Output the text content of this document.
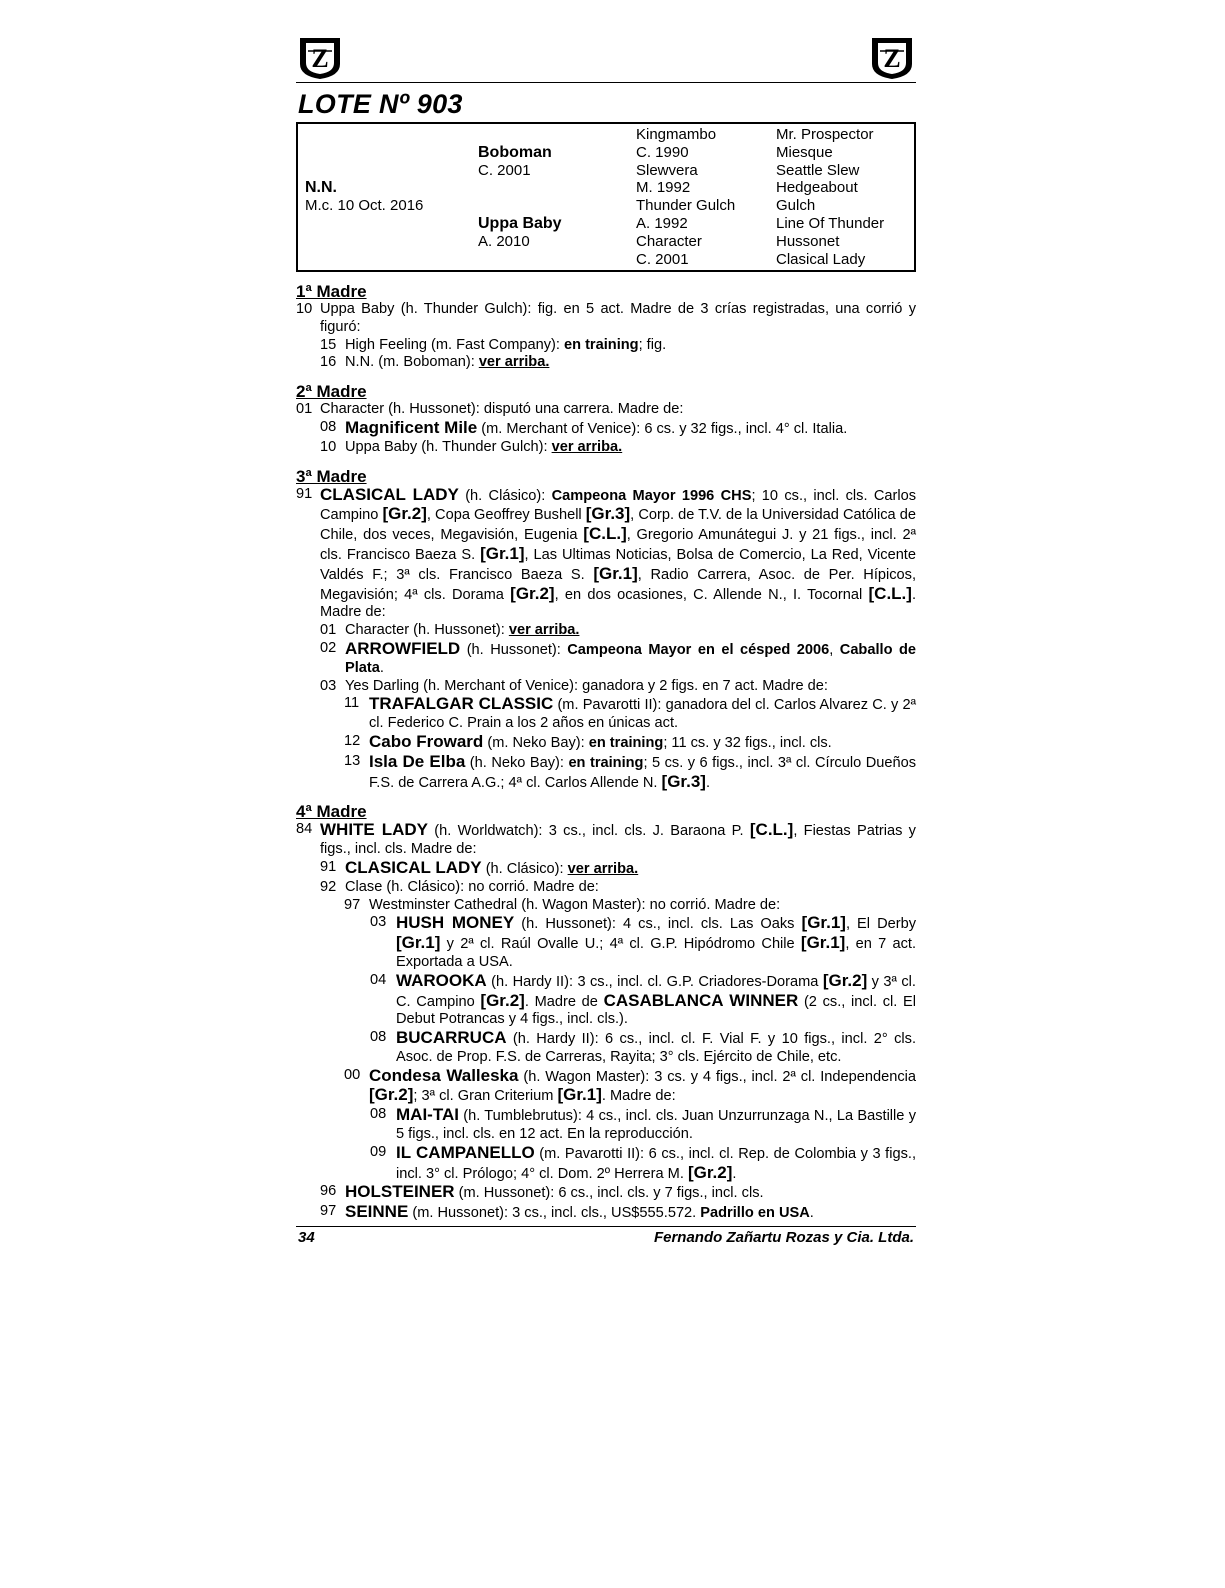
Z	Z
LOTE Nº 903
N.N.
M.c. 10 Oct. 2016
Boboman
C. 2001
Uppa Baby
A. 2010
Kingmambo
C. 1990
Slewvera
M. 1992
Thunder Gulch
A. 1992
Character
C. 2001
Mr. Prospector
Miesque
Seattle Slew
Hedgeabout
Gulch
Line Of Thunder
Hussonet
Clasical Lady
1ª Madre
10 Uppa Baby (h. Thunder Gulch): fig. en 5 act. Madre de 3 crías registradas, una corrió y figuró:
15 High Feeling (m. Fast Company): en training; fig.
16 N.N. (m. Boboman): ver arriba.
2ª Madre
01 Character (h. Hussonet): disputó una carrera. Madre de:
08 Magnificent Mile (m. Merchant of Venice): 6 cs. y 32 figs., incl. 4° cl. Italia.
10 Uppa Baby (h. Thunder Gulch): ver arriba.
3ª Madre
91 CLASICAL LADY (h. Clásico): Campeona Mayor 1996 CHS; 10 cs., incl. cls. Carlos Campino [Gr.2], Copa Geoffrey Bushell [Gr.3], Corp. de T.V. de la Universidad Católica de Chile, dos veces, Megavisión, Eugenia [C.L.], Gregorio Amunátegui J. y 21 figs., incl. 2ª cls. Francisco Baeza S. [Gr.1], Las Ultimas Noticias, Bolsa de Comercio, La Red, Vicente Valdés F.; 3ª cls. Francisco Baeza S. [Gr.1], Radio Carrera, Asoc. de Per. Hípicos, Megavisión; 4ª cls. Dorama [Gr.2], en dos ocasiones, C. Allende N., I. Tocornal [C.L.]. Madre de:
01 Character (h. Hussonet): ver arriba.
02 ARROWFIELD (h. Hussonet): Campeona Mayor en el césped 2006, Caballo de Plata.
03 Yes Darling (h. Merchant of Venice): ganadora y 2 figs. en 7 act. Madre de:
11 TRAFALGAR CLASSIC (m. Pavarotti II): ganadora del cl. Carlos Alvarez C. y 2ª cl. Federico C. Prain a los 2 años en únicas act.
12 Cabo Froward (m. Neko Bay): en training; 11 cs. y 32 figs., incl. cls.
13 Isla De Elba (h. Neko Bay): en training; 5 cs. y 6 figs., incl. 3ª cl. Círculo Dueños F.S. de Carrera A.G.; 4ª cl. Carlos Allende N. [Gr.3].
4ª Madre
84 WHITE LADY (h. Worldwatch): 3 cs., incl. cls. J. Baraona P. [C.L.], Fiestas Patrias y figs., incl. cls. Madre de:
91 CLASICAL LADY (h. Clásico): ver arriba.
92 Clase (h. Clásico): no corrió. Madre de:
97 Westminster Cathedral (h. Wagon Master): no corrió. Madre de:
03 HUSH MONEY (h. Hussonet): 4 cs., incl. cls. Las Oaks [Gr.1], El Derby [Gr.1] y 2ª cl. Raúl Ovalle U.; 4ª cl. G.P. Hipódromo Chile [Gr.1], en 7 act. Exportada a USA.
04 WAROOKA (h. Hardy II): 3 cs., incl. cl. G.P. Criadores-Dorama [Gr.2] y 3ª cl. C. Campino [Gr.2]. Madre de CASABLANCA WINNER (2 cs., incl. cl. El Debut Potrancas y 4 figs., incl. cls.).
08 BUCARRUCA (h. Hardy II): 6 cs., incl. cl. F. Vial F. y 10 figs., incl. 2° cls. Asoc. de Prop. F.S. de Carreras, Rayita; 3° cls. Ejército de Chile, etc.
00 Condesa Walleska (h. Wagon Master): 3 cs. y 4 figs., incl. 2ª cl. Independencia [Gr.2]; 3ª cl. Gran Criterium [Gr.1]. Madre de:
08 MAI-TAI (h. Tumblebrutus): 4 cs., incl. cls. Juan Unzurrunzaga N., La Bastille y 5 figs., incl. cls. en 12 act. En la reproducción.
09 IL CAMPANELLO (m. Pavarotti II): 6 cs., incl. cl. Rep. de Colombia y 3 figs., incl. 3° cl. Prólogo; 4° cl. Dom. 2º Herrera M. [Gr.2].
96 HOLSTEINER (m. Hussonet): 6 cs., incl. cls. y 7 figs., incl. cls.
97 SEINNE (m. Hussonet): 3 cs., incl. cls., US$555.572. Padrillo en USA.
34	Fernando Zañartu Rozas y Cia. Ltda.
